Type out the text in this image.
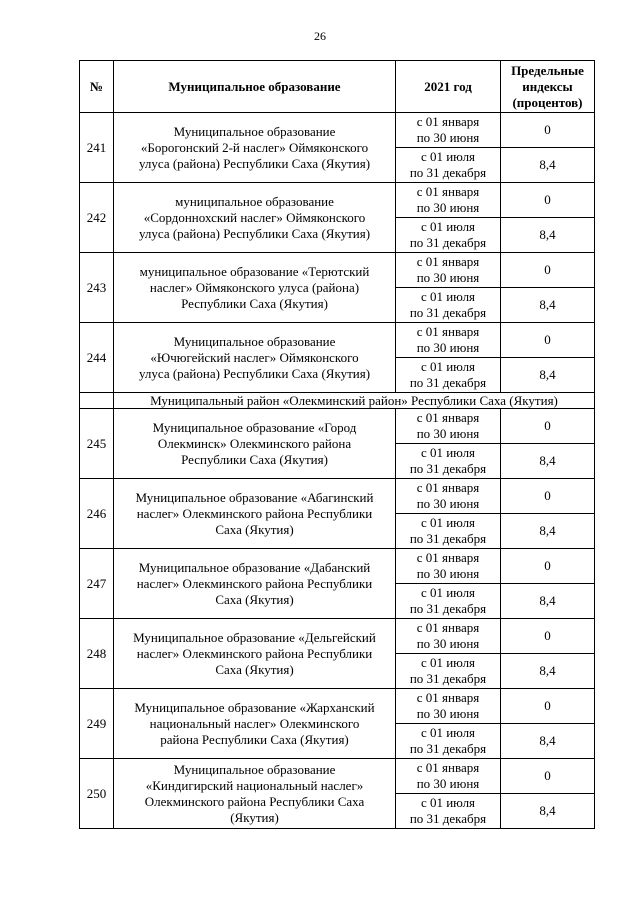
26
№	Муниципальное образование	2021 год	Предельные
индексы
(процентов)
241	Муниципальное образование
«Борогонский 2-й наслег» Оймяконского
улуса (района) Республики Саха (Якутия)	с 01 января
по 30 июня	0
		с 01 июля
по 31 декабря	8,4
242	муниципальное образование
«Сордоннохский наслег» Оймяконского
улуса (района) Республики Саха (Якутия)	с 01 января
по 30 июня	0
		с 01 июля
по 31 декабря	8,4
243	муниципальное образование «Терютский
наслег» Оймяконского улуса (района)
Республики Саха (Якутия)	с 01 января
по 30 июня	0
		с 01 июля
по 31 декабря	8,4
244	Муниципальное образование
«Ючюгейский наслег» Оймяконского
улуса (района) Республики Саха (Якутия)	с 01 января
по 30 июня	0
		с 01 июля
по 31 декабря	8,4
	Муниципальный район «Олекминский район» Республики Саха (Якутия)		
245	Муниципальное образование «Город
Олекминск» Олекминского района
Республики Саха (Якутия)	с 01 января
по 30 июня	0
		с 01 июля
по 31 декабря	8,4
246	Муниципальное образование «Абагинский
наслег» Олекминского района Республики
Саха (Якутия)	с 01 января
по 30 июня	0
		с 01 июля
по 31 декабря	8,4
247	Муниципальное образование «Дабанский
наслег» Олекминского района Республики
Саха (Якутия)	с 01 января
по 30 июня	0
		с 01 июля
по 31 декабря	8,4
248	Муниципальное образование «Дельгейский
наслег» Олекминского района Республики
Саха (Якутия)	с 01 января
по 30 июня	0
		с 01 июля
по 31 декабря	8,4
249	Муниципальное образование «Жарханский
национальный наслег» Олекминского
района Республики Саха (Якутия)	с 01 января
по 30 июня	0
		с 01 июля
по 31 декабря	8,4
250	Муниципальное образование
«Киндигирский национальный наслег»
Олекминского района Республики Саха
(Якутия)	с 01 января
по 30 июня	0
		с 01 июля
по 31 декабря	8,4
